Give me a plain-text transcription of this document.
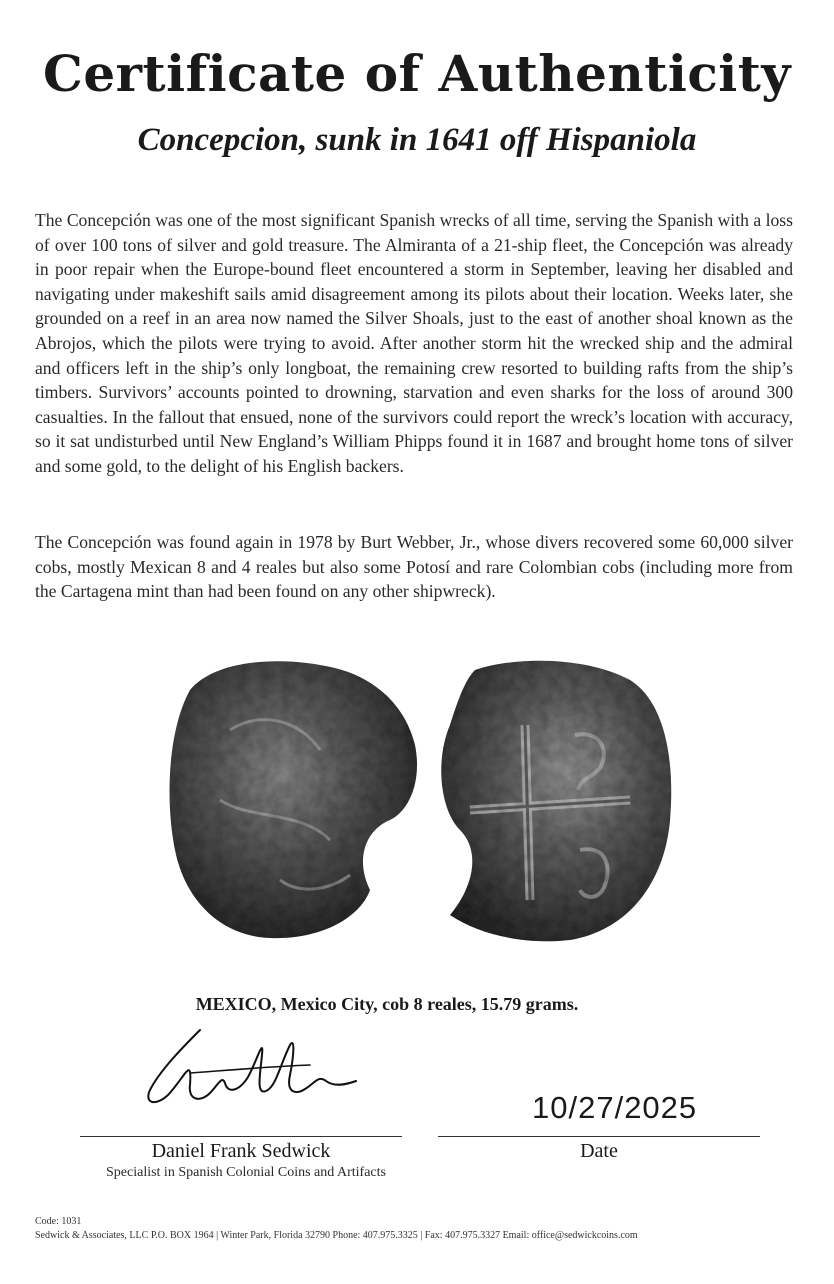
Certificate of Authenticity
Concepcion, sunk in 1641 off Hispaniola

The Concepción was one of the most significant Spanish wrecks of all time, serving the Spanish with a loss of over 100 tons of silver and gold treasure. The Almiranta of a 21-ship fleet, the Concepción was already in poor repair when the Europe-bound fleet encountered a storm in September, leaving her disabled and navigating under makeshift sails amid disagreement among its pilots about their location. Weeks later, she grounded on a reef in an area now named the Silver Shoals, just to the east of another shoal known as the Abrojos, which the pilots were trying to avoid. After another storm hit the wrecked ship and the admiral and officers left in the ship’s only longboat, the remaining crew resorted to building rafts from the ship’s timbers. Survivors’ accounts pointed to drowning, starvation and even sharks for the loss of around 300 casualties. In the fallout that ensued, none of the survivors could report the wreck’s location with accuracy, so it sat undisturbed until New England’s William Phipps found it in 1687 and brought home tons of silver and some gold, to the delight of his English backers.

The Concepción was found again in 1978 by Burt Webber, Jr., whose divers recovered some 60,000 silver cobs, mostly Mexican 8 and 4 reales but also some Potosí and rare Colombian cobs (including more from the Cartagena mint than had been found on any other shipwreck).

MEXICO, Mexico City, cob 8 reales, 15.79 grams.

10/27/2025

Daniel Frank Sedwick

Specialist in Spanish Colonial Coins and Artifacts

Date

Code: 1031

Sedwick & Associates, LLC P.O. BOX 1964 | Winter Park, Florida 32790 Phone: 407.975.3325 | Fax: 407.975.3327 Email: office@sedwickcoins.com
